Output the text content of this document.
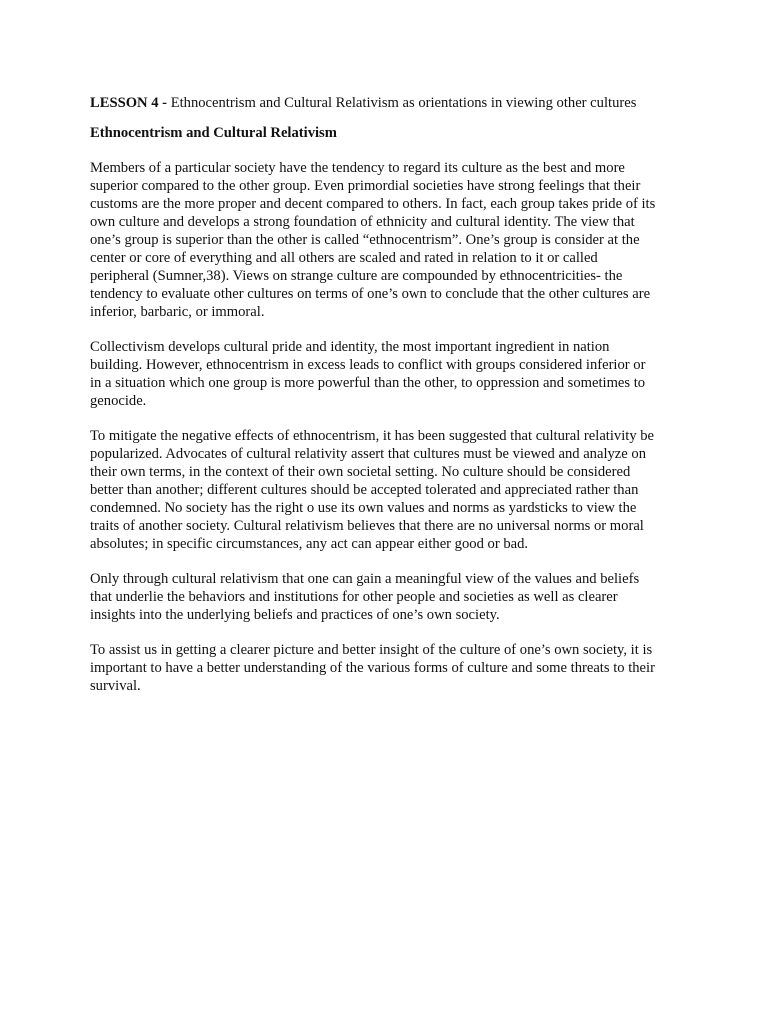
LESSON 4 - Ethnocentrism and Cultural Relativism as orientations in viewing other cultures
Ethnocentrism and Cultural Relativism
Members of a particular society have the tendency to regard its culture as the best and more
superior compared to the other group. Even primordial societies have strong feelings that their
customs are the more proper and decent compared to others. In fact, each group takes pride of its
own culture and develops a strong foundation of ethnicity and cultural identity. The view that
one’s group is superior than the other is called “ethnocentrism”. One’s group is consider at the
center or core of everything and all others are scaled and rated in relation to it or called
peripheral (Sumner,38). Views on strange culture are compounded by ethnocentricities- the
tendency to evaluate other cultures on terms of one’s own to conclude that the other cultures are
inferior, barbaric, or immoral.
Collectivism develops cultural pride and identity, the most important ingredient in nation
building. However, ethnocentrism in excess leads to conflict with groups considered inferior or
in a situation which one group is more powerful than the other, to oppression and sometimes to
genocide.
To mitigate the negative effects of ethnocentrism, it has been suggested that cultural relativity be
popularized. Advocates of cultural relativity assert that cultures must be viewed and analyze on
their own terms, in the context of their own societal setting. No culture should be considered
better than another; different cultures should be accepted tolerated and appreciated rather than
condemned. No society has the right o use its own values and norms as yardsticks to view the
traits of another society. Cultural relativism believes that there are no universal norms or moral
absolutes; in specific circumstances, any act can appear either good or bad.
Only through cultural relativism that one can gain a meaningful view of the values and beliefs
that underlie the behaviors and institutions for other people and societies as well as clearer
insights into the underlying beliefs and practices of one’s own society.
To assist us in getting a clearer picture and better insight of the culture of one’s own society, it is
important to have a better understanding of the various forms of culture and some threats to their
survival.
